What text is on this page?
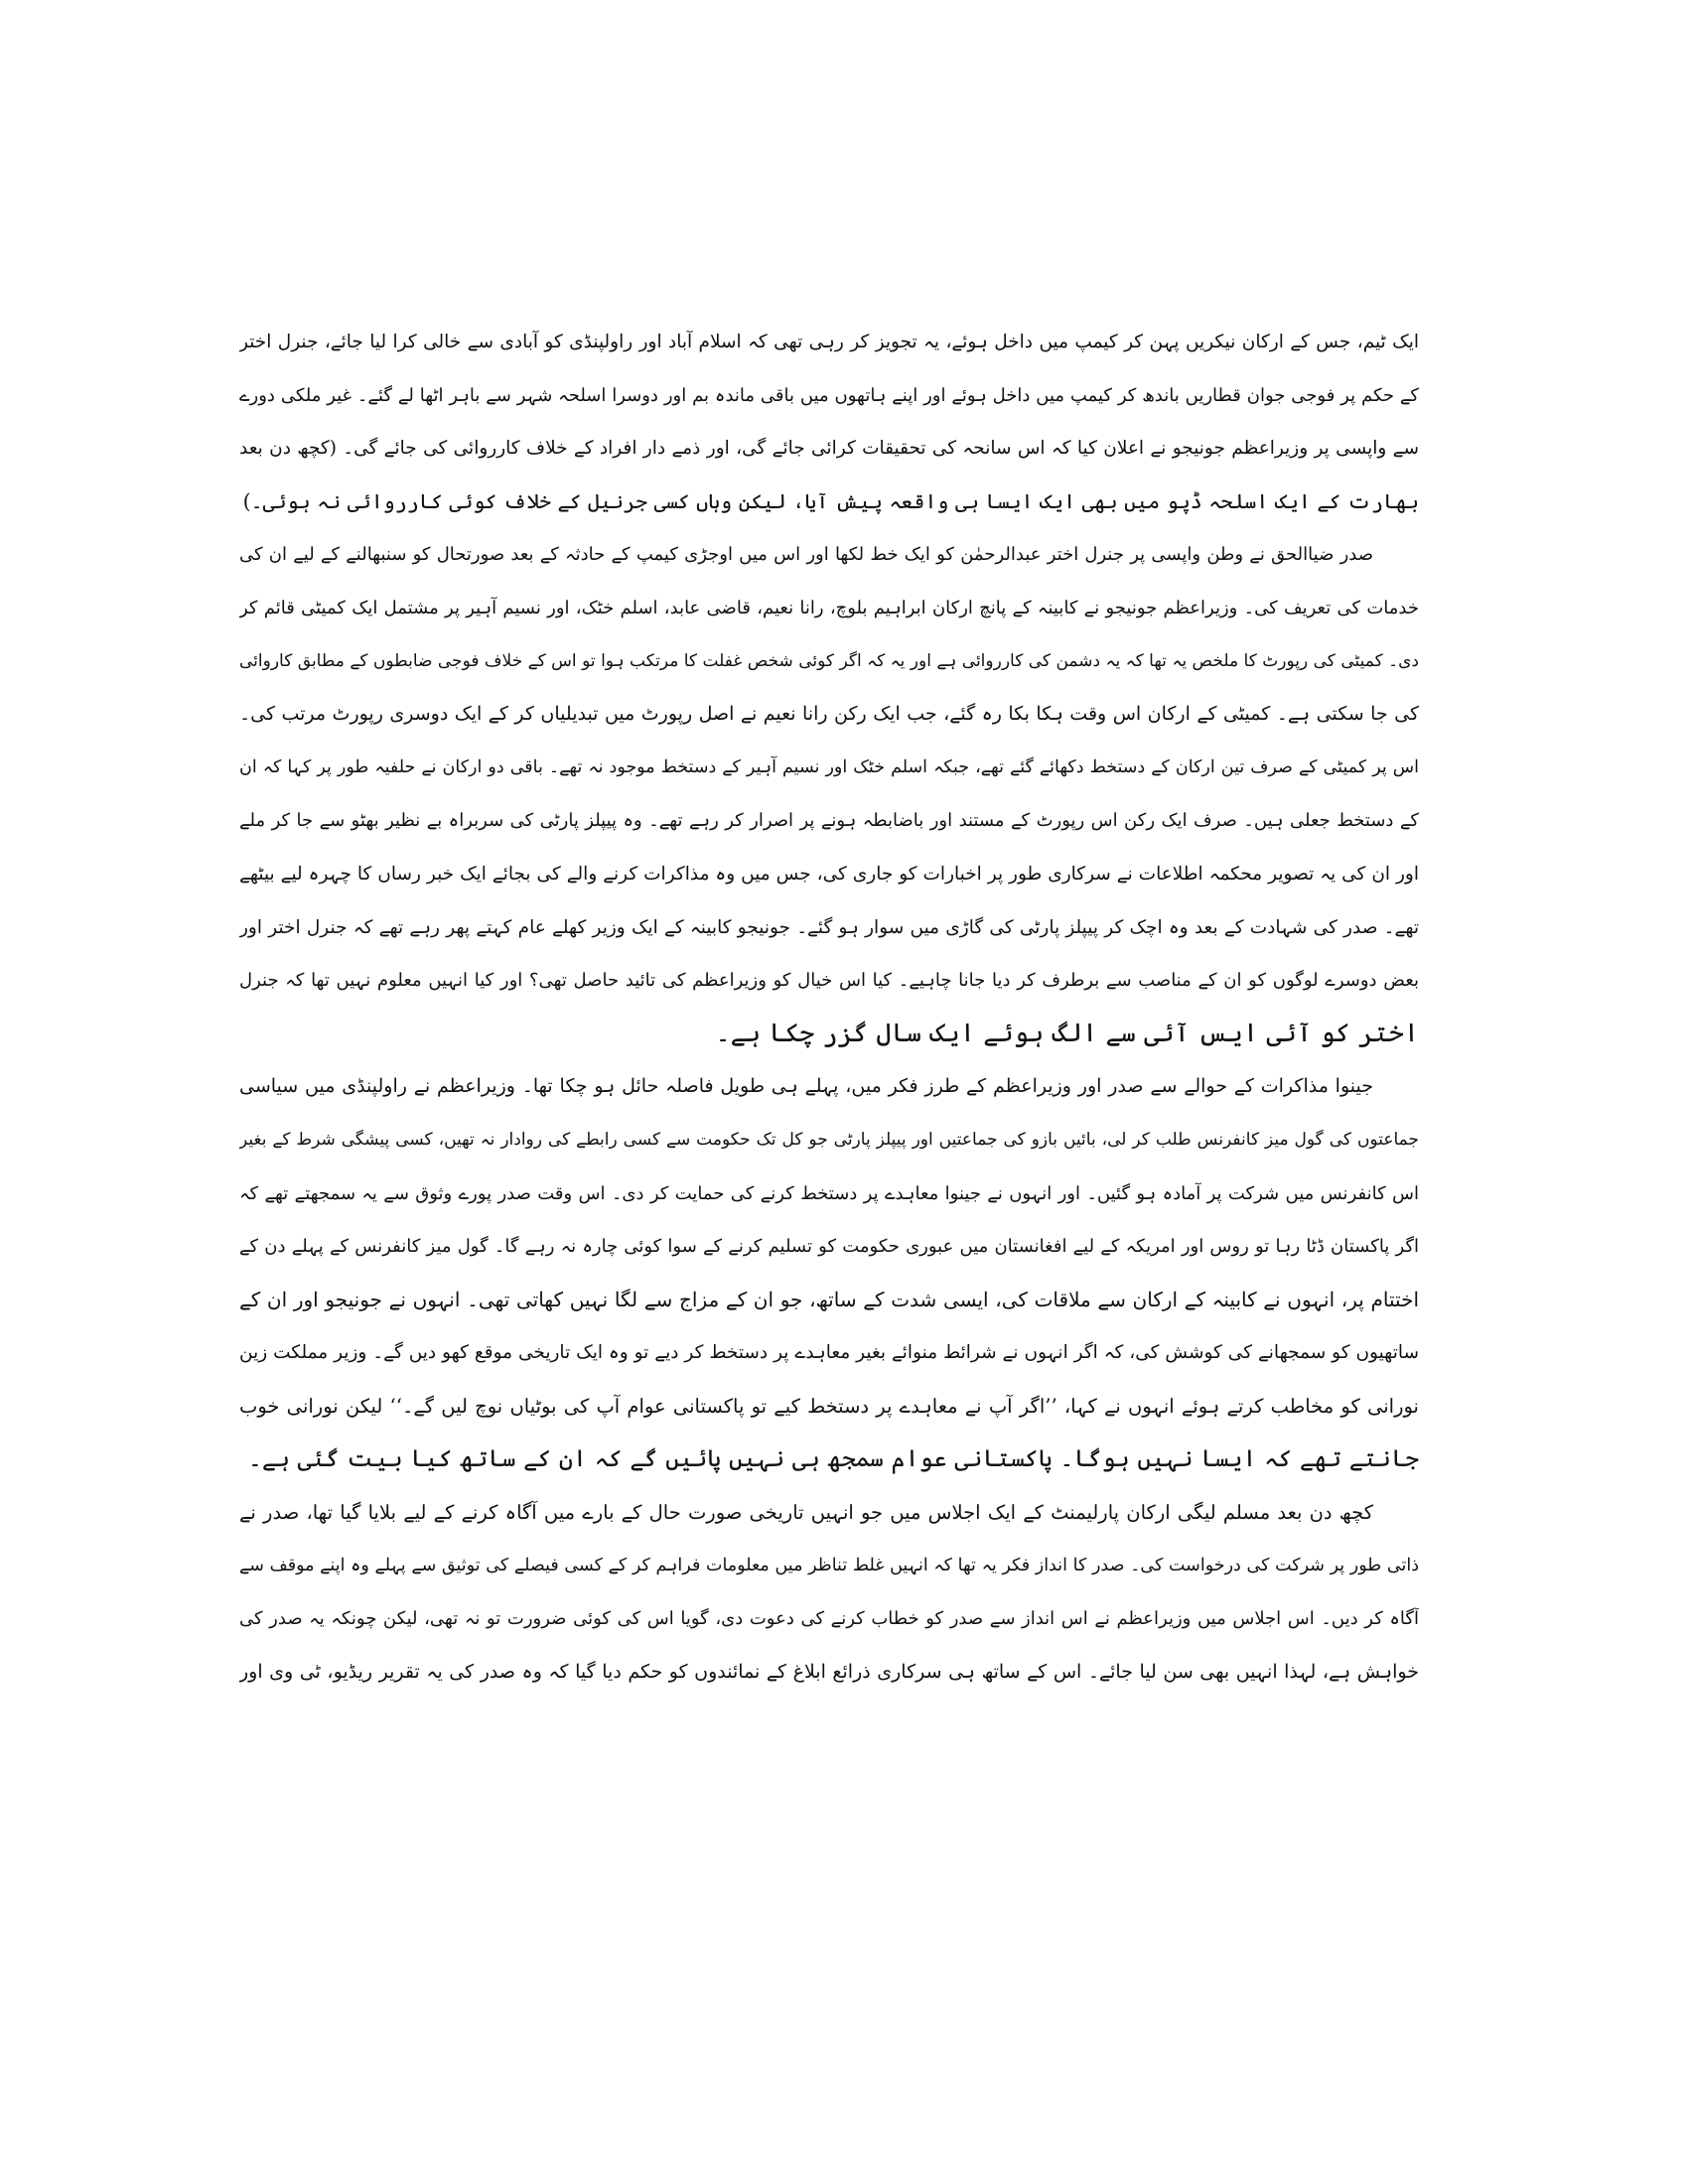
ایک ٹیم، جس کے ارکان نیکریں پہن کر کیمپ میں داخل ہوئے، یہ تجویز کر رہی تھی کہ اسلام آباد اور راولپنڈی کو آبادی سے خالی کرا لیا جائے، جنرل اختر
کے حکم پر فوجی جوان قطاریں باندھ کر کیمپ میں داخل ہوئے اور اپنے ہاتھوں میں باقی ماندہ بم اور دوسرا اسلحہ شہر سے باہر اٹھا لے گئے۔ غیر ملکی دورے
سے واپسی پر وزیراعظم جونیجو نے اعلان کیا کہ اس سانحہ کی تحقیقات کرائی جائے گی، اور ذمے دار افراد کے خلاف کارروائی کی جائے گی۔ (کچھ دن بعد
بھارت کے ایک اسلحہ ڈپو میں بھی ایک ایسا ہی واقعہ پیش آیا، لیکن وہاں کسی جرنیل کے خلاف کوئی کارروائی نہ ہوئی۔)
صدر ضیاالحق نے وطن واپسی پر جنرل اختر عبدالرحمٰن کو ایک خط لکھا اور اس میں اوجڑی کیمپ کے حادثہ کے بعد صورتحال کو سنبھالنے کے لیے ان کی
خدمات کی تعریف کی۔ وزیراعظم جونیجو نے کابینہ کے پانچ ارکان ابراہیم بلوچ، رانا نعیم، قاضی عابد، اسلم خٹک، اور نسیم آہیر پر مشتمل ایک کمیٹی قائم کر
دی۔ کمیٹی کی رپورٹ کا ملخص یہ تھا کہ یہ دشمن کی کارروائی ہے اور یہ کہ اگر کوئی شخص غفلت کا مرتکب ہوا تو اس کے خلاف فوجی ضابطوں کے مطابق کاروائی
کی جا سکتی ہے۔ کمیٹی کے ارکان اس وقت ہکا بکا رہ گئے، جب ایک رکن رانا نعیم نے اصل رپورٹ میں تبدیلیاں کر کے ایک دوسری رپورٹ مرتب کی۔
اس پر کمیٹی کے صرف تین ارکان کے دستخط دکھائے گئے تھے، جبکہ اسلم خٹک اور نسیم آہیر کے دستخط موجود نہ تھے۔ باقی دو ارکان نے حلفیہ طور پر کہا کہ ان
کے دستخط جعلی ہیں۔ صرف ایک رکن اس رپورٹ کے مستند اور باضابطہ ہونے پر اصرار کر رہے تھے۔ وہ پیپلز پارٹی کی سربراہ بے نظیر بھٹو سے جا کر ملے
اور ان کی یہ تصویر محکمہ اطلاعات نے سرکاری طور پر اخبارات کو جاری کی، جس میں وہ مذاکرات کرنے والے کی بجائے ایک خبر رساں کا چہرہ لیے بیٹھے
تھے۔ صدر کی شہادت کے بعد وہ اچک کر پیپلز پارٹی کی گاڑی میں سوار ہو گئے۔ جونیجو کابینہ کے ایک وزیر کھلے عام کہتے پھر رہے تھے کہ جنرل اختر اور
بعض دوسرے لوگوں کو ان کے مناصب سے برطرف کر دیا جانا چاہیے۔ کیا اس خیال کو وزیراعظم کی تائید حاصل تھی؟ اور کیا انہیں معلوم نہیں تھا کہ جنرل
اختر کو آئی ایس آئی سے الگ ہوئے ایک سال گزر چکا ہے۔
جینوا مذاکرات کے حوالے سے صدر اور وزیراعظم کے طرز فکر میں، پہلے ہی طویل فاصلہ حائل ہو چکا تھا۔ وزیراعظم نے راولپنڈی میں سیاسی
جماعتوں کی گول میز کانفرنس طلب کر لی، بائیں بازو کی جماعتیں اور پیپلز پارٹی جو کل تک حکومت سے کسی رابطے کی روادار نہ تھیں، کسی پیشگی شرط کے بغیر
اس کانفرنس میں شرکت پر آمادہ ہو گئیں۔ اور انہوں نے جینوا معاہدے پر دستخط کرنے کی حمایت کر دی۔ اس وقت صدر پورے وثوق سے یہ سمجھتے تھے کہ
اگر پاکستان ڈٹا رہا تو روس اور امریکہ کے لیے افغانستان میں عبوری حکومت کو تسلیم کرنے کے سوا کوئی چارہ نہ رہے گا۔ گول میز کانفرنس کے پہلے دن کے
اختتام پر، انہوں نے کابینہ کے ارکان سے ملاقات کی، ایسی شدت کے ساتھ، جو ان کے مزاج سے لگا نہیں کھاتی تھی۔ انہوں نے جونیجو اور ان کے
ساتھیوں کو سمجھانے کی کوشش کی، کہ اگر انہوں نے شرائط منوائے بغیر معاہدے پر دستخط کر دیے تو وہ ایک تاریخی موقع کھو دیں گے۔ وزیر مملکت زین
نورانی کو مخاطب کرتے ہوئے انہوں نے کہا، ’’اگر آپ نے معاہدے پر دستخط کیے تو پاکستانی عوام آپ کی بوٹیاں نوچ لیں گے۔‘‘ لیکن نورانی خوب
جانتے تھے کہ ایسا نہیں ہوگا۔ پاکستانی عوام سمجھ ہی نہیں پائیں گے کہ ان کے ساتھ کیا بیت گئی ہے۔
کچھ دن بعد مسلم لیگی ارکان پارلیمنٹ کے ایک اجلاس میں جو انہیں تاریخی صورت حال کے بارے میں آگاہ کرنے کے لیے بلایا گیا تھا، صدر نے
ذاتی طور پر شرکت کی درخواست کی۔ صدر کا انداز فکر یہ تھا کہ انہیں غلط تناظر میں معلومات فراہم کر کے کسی فیصلے کی توثیق سے پہلے وہ اپنے موقف سے
آگاہ کر دیں۔ اس اجلاس میں وزیراعظم نے اس انداز سے صدر کو خطاب کرنے کی دعوت دی، گویا اس کی کوئی ضرورت تو نہ تھی، لیکن چونکہ یہ صدر کی
خواہش ہے، لہذا انہیں بھی سن لیا جائے۔ اس کے ساتھ ہی سرکاری ذرائع ابلاغ کے نمائندوں کو حکم دیا گیا کہ وہ صدر کی یہ تقریر ریڈیو، ٹی وی اور
